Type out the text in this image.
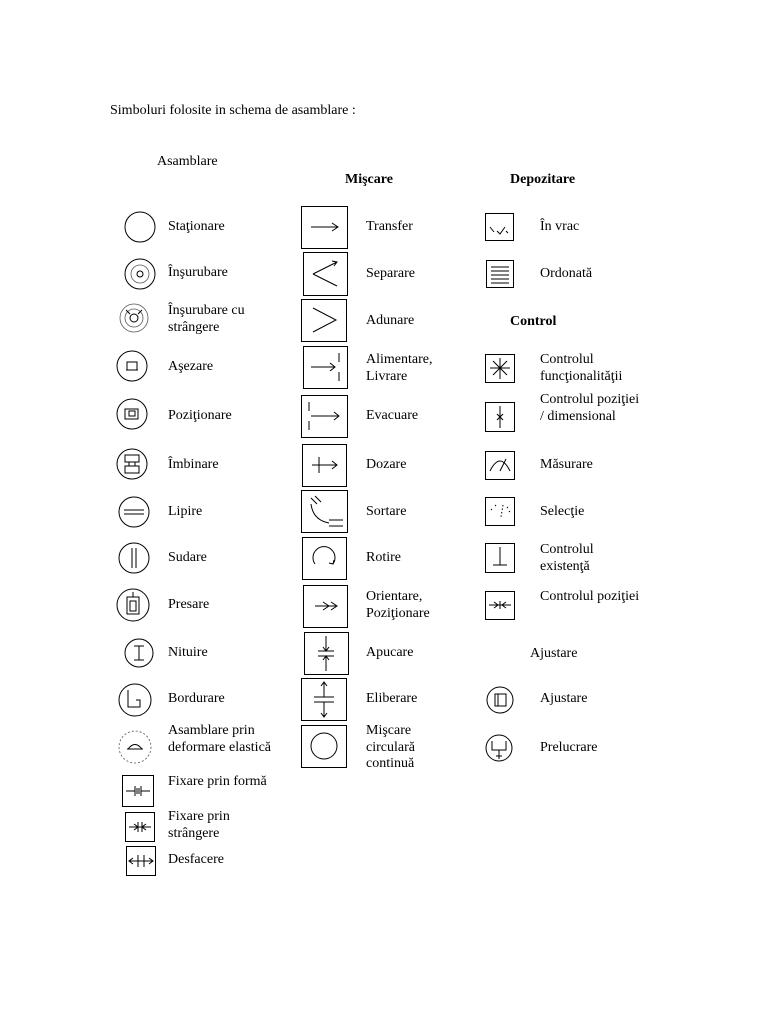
Simboluri folosite in schema de asamblare :
Asamblare
Mişcare	Depozitare
Control
Ajustare
Staţionare
Înşurubare
Înşurubare cu strângere
Aşezare
Poziţionare
Îmbinare
Lipire
Sudare
Presare
Nituire
Bordurare
Asamblare prin deformare elastică
Fixare prin formă
Fixare prin strângere
Desfacere
Transfer
Separare
Adunare
Alimentare, Livrare
Evacuare
Dozare
Sortare
Rotire
Orientare, Poziţionare
Apucare
Eliberare
Mişcare circulară continuă
În vrac
Ordonată
Controlul funcţionalităţii
Controlul poziţiei / dimensional
Măsurare
Selecţie
Controlul existenţă
Controlul poziţiei
Ajustare
Prelucrare
